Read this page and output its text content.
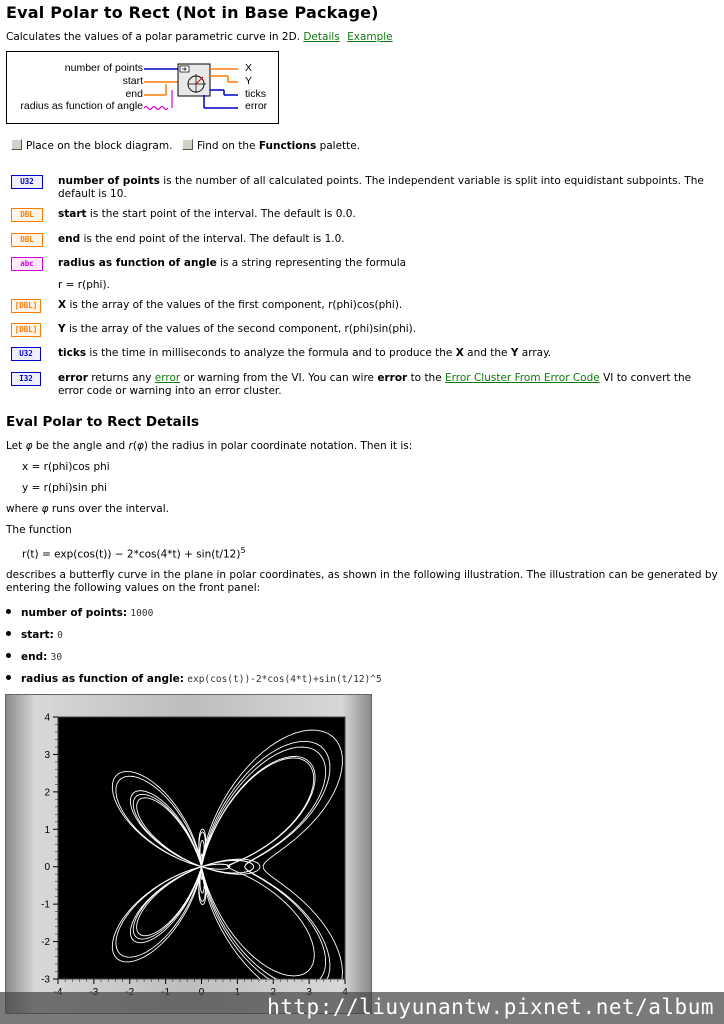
Eval Polar to Rect (Not in Base Package)
Calculates the values of a polar parametric curve in 2D. Details Example
number of points
start
end
radius as function of angle
X
Y
ticks
error
Place on the block diagram.	Find on the Functions palette.
U32	number of points is the number of all calculated points. The independent variable is split into equidistant subpoints. The default is 10.
DBL	start is the start point of the interval. The default is 0.0.
DBL	end is the end point of the interval. The default is 1.0.
abc	radius as function of angle is a string representing the formula
r = r(phi).
[DBL]	X is the array of the values of the first component, r(phi)cos(phi).
[DBL]	Y is the array of the values of the second component, r(phi)sin(phi).
U32	ticks is the time in milliseconds to analyze the formula and to produce the X and the Y array.
I32	error returns any error or warning from the VI. You can wire error to the Error Cluster From Error Code VI to convert the error code or warning into an error cluster.
Eval Polar to Rect Details
Let φ be the angle and r(φ) the radius in polar coordinate notation. Then it is:
x = r(phi)cos phi
y = r(phi)sin phi
where φ runs over the interval.
The function
$r(t) = \exp(\cos(t)) - 2*\cos(4*t) + \sin(t/12)^5$
describes a butterfly curve in the plane in polar coordinates, as shown in the following illustration. The illustration can be generated by entering the following values on the front panel:
number of points: 1000
start: 0
end: 30
radius as function of angle: exp(cos(t))-2*cos(4*t)+sin(t/12)^5
4
3
2
1
0
-1
-2
-3
http://liuyunantw.pixnet.net/album
